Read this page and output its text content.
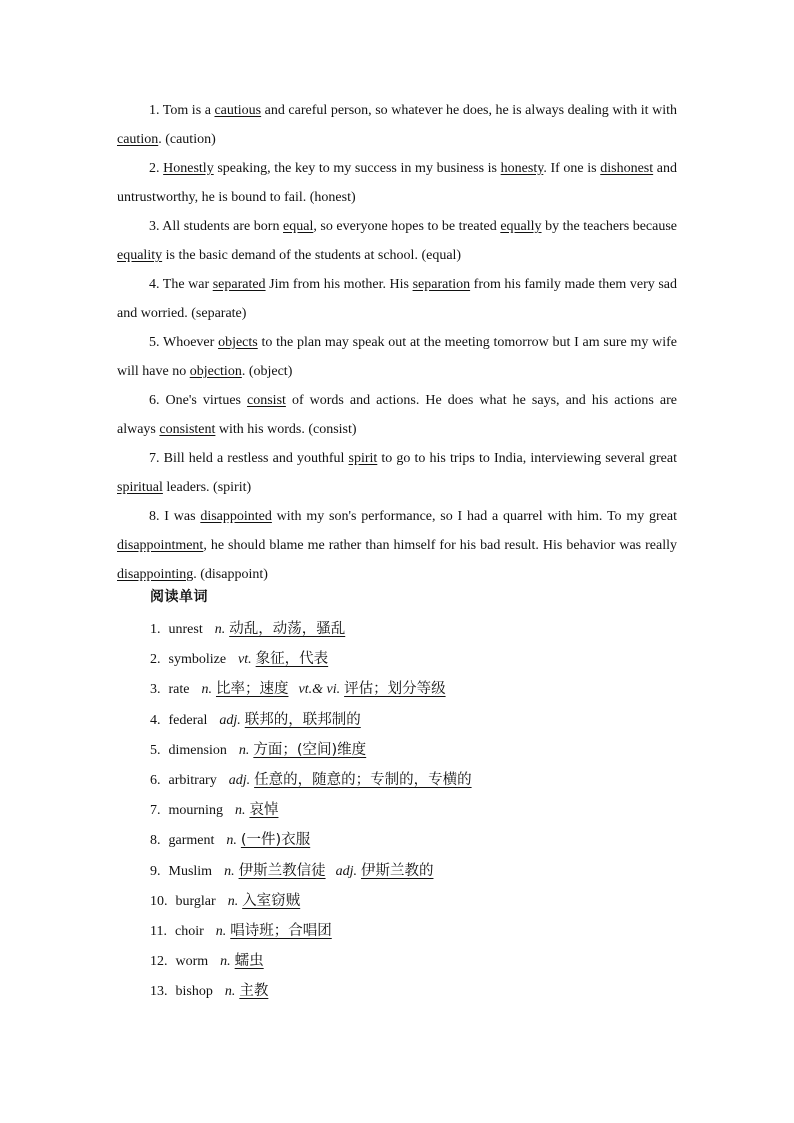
1. Tom is a cautious and careful person, so whatever he does, he is always dealing with it with caution. (caution)

2. Honestly speaking, the key to my success in my business is honesty. If one is dishonest and untrustworthy, he is bound to fail. (honest)

3. All students are born equal, so everyone hopes to be treated equally by the teachers because equality is the basic demand of the students at school. (equal)

4. The war separated Jim from his mother. His separation from his family made them very sad and worried. (separate)

5. Whoever objects to the plan may speak out at the meeting tomorrow but I am sure my wife will have no objection. (object)

6. One's virtues consist of words and actions. He does what he says, and his actions are always consistent with his words. (consist)

7. Bill held a restless and youthful spirit to go to his trips to India, interviewing several great spiritual leaders. (spirit)

8. I was disappointed with my son's performance, so I had a quarrel with him. To my great disappointment, he should blame me rather than himself for his bad result. His behavior was really disappointing. (disappoint)

阅读单词
1. unrest n. 动乱，动荡，骚乱
2. symbolize vt. 象征，代表
3. rate n. 比率；速度 vt.& vi. 评估；划分等级
4. federal adj. 联邦的，联邦制的
5. dimension n. 方面；(空间)维度
6. arbitrary adj. 任意的，随意的；专制的，专横的
7. mourning n. 哀悼
8. garment n. (一件)衣服
9. Muslim n. 伊斯兰教信徒 adj. 伊斯兰教的
10. burglar n. 入室窃贼
11. choir n. 唱诗班；合唱团
12. worm n. 蠕虫
13. bishop n. 主教
